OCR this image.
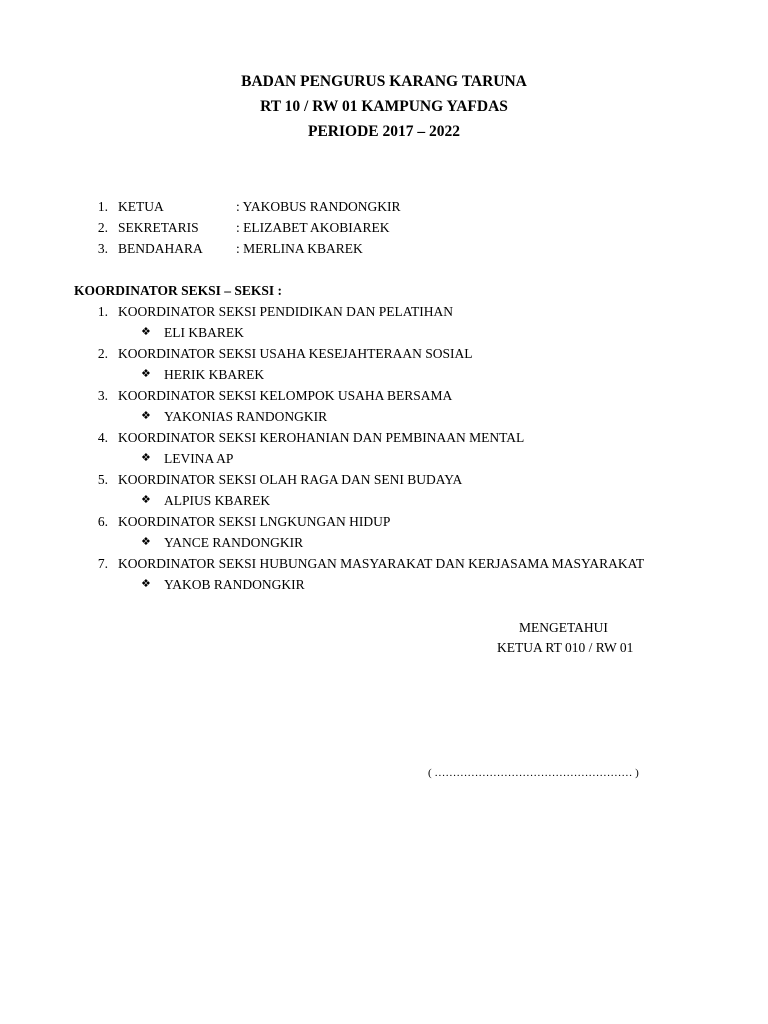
BADAN PENGURUS KARANG TARUNA
RT 10 / RW 01 KAMPUNG YAFDAS
PERIODE 2017 – 2022
1. KETUA	: YAKOBUS RANDONGKIR
2. SEKRETARIS	: ELIZABET AKOBIAREK
3. BENDAHARA : MERLINA KBAREK
KOORDINATOR SEKSI – SEKSI :
1. KOORDINATOR SEKSI PENDIDIKAN DAN PELATIHAN
❖ ELI KBAREK
2. KOORDINATOR SEKSI USAHA KESEJAHTERAAN SOSIAL
❖ HERIK KBAREK
3. KOORDINATOR SEKSI KELOMPOK USAHA BERSAMA
❖ YAKONIAS RANDONGKIR
4. KOORDINATOR SEKSI KEROHANIAN DAN PEMBINAAN MENTAL
❖ LEVINA AP
5. KOORDINATOR SEKSI OLAH RAGA DAN SENI BUDAYA
❖ ALPIUS KBAREK
6. KOORDINATOR SEKSI LNGKUNGAN HIDUP
❖ YANCE RANDONGKIR
7. KOORDINATOR SEKSI HUBUNGAN MASYARAKAT DAN KERJASAMA MASYARAKAT
❖ YAKOB RANDONGKIR
MENGETAHUI
KETUA RT 010 / RW 01
( ……………………………………………… )
